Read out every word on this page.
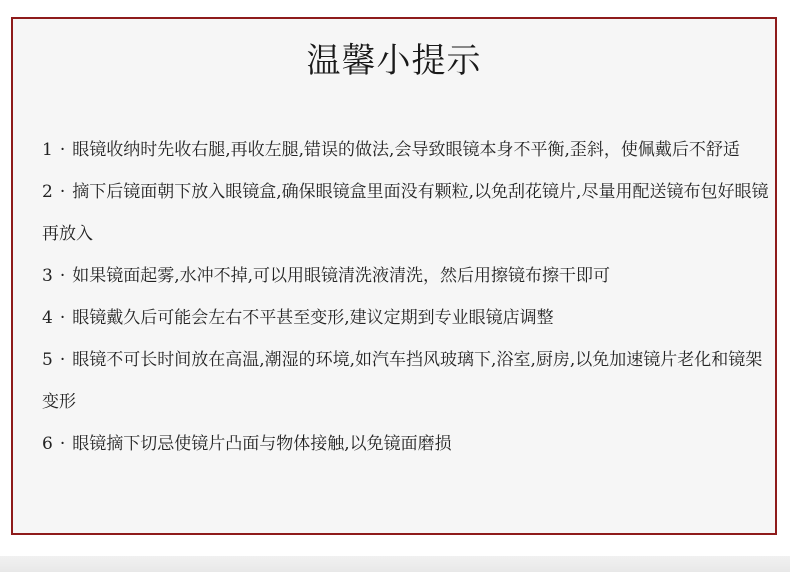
温馨小提示
1 · 眼镜收纳时先收右腿,再收左腿,错误的做法,会导致眼镜本身不平衡,歪斜，使佩戴后不舒适
2 · 摘下后镜面朝下放入眼镜盒,确保眼镜盒里面没有颗粒,以免刮花镜片,尽量用配送镜布包好眼镜再放入
3 · 如果镜面起雾,水冲不掉,可以用眼镜清洗液清洗，然后用擦镜布擦干即可
4 · 眼镜戴久后可能会左右不平甚至变形,建议定期到专业眼镜店调整
5 · 眼镜不可长时间放在高温,潮湿的环境,如汽车挡风玻璃下,浴室,厨房,以免加速镜片老化和镜架变形
6 · 眼镜摘下切忌使镜片凸面与物体接触,以免镜面磨损
